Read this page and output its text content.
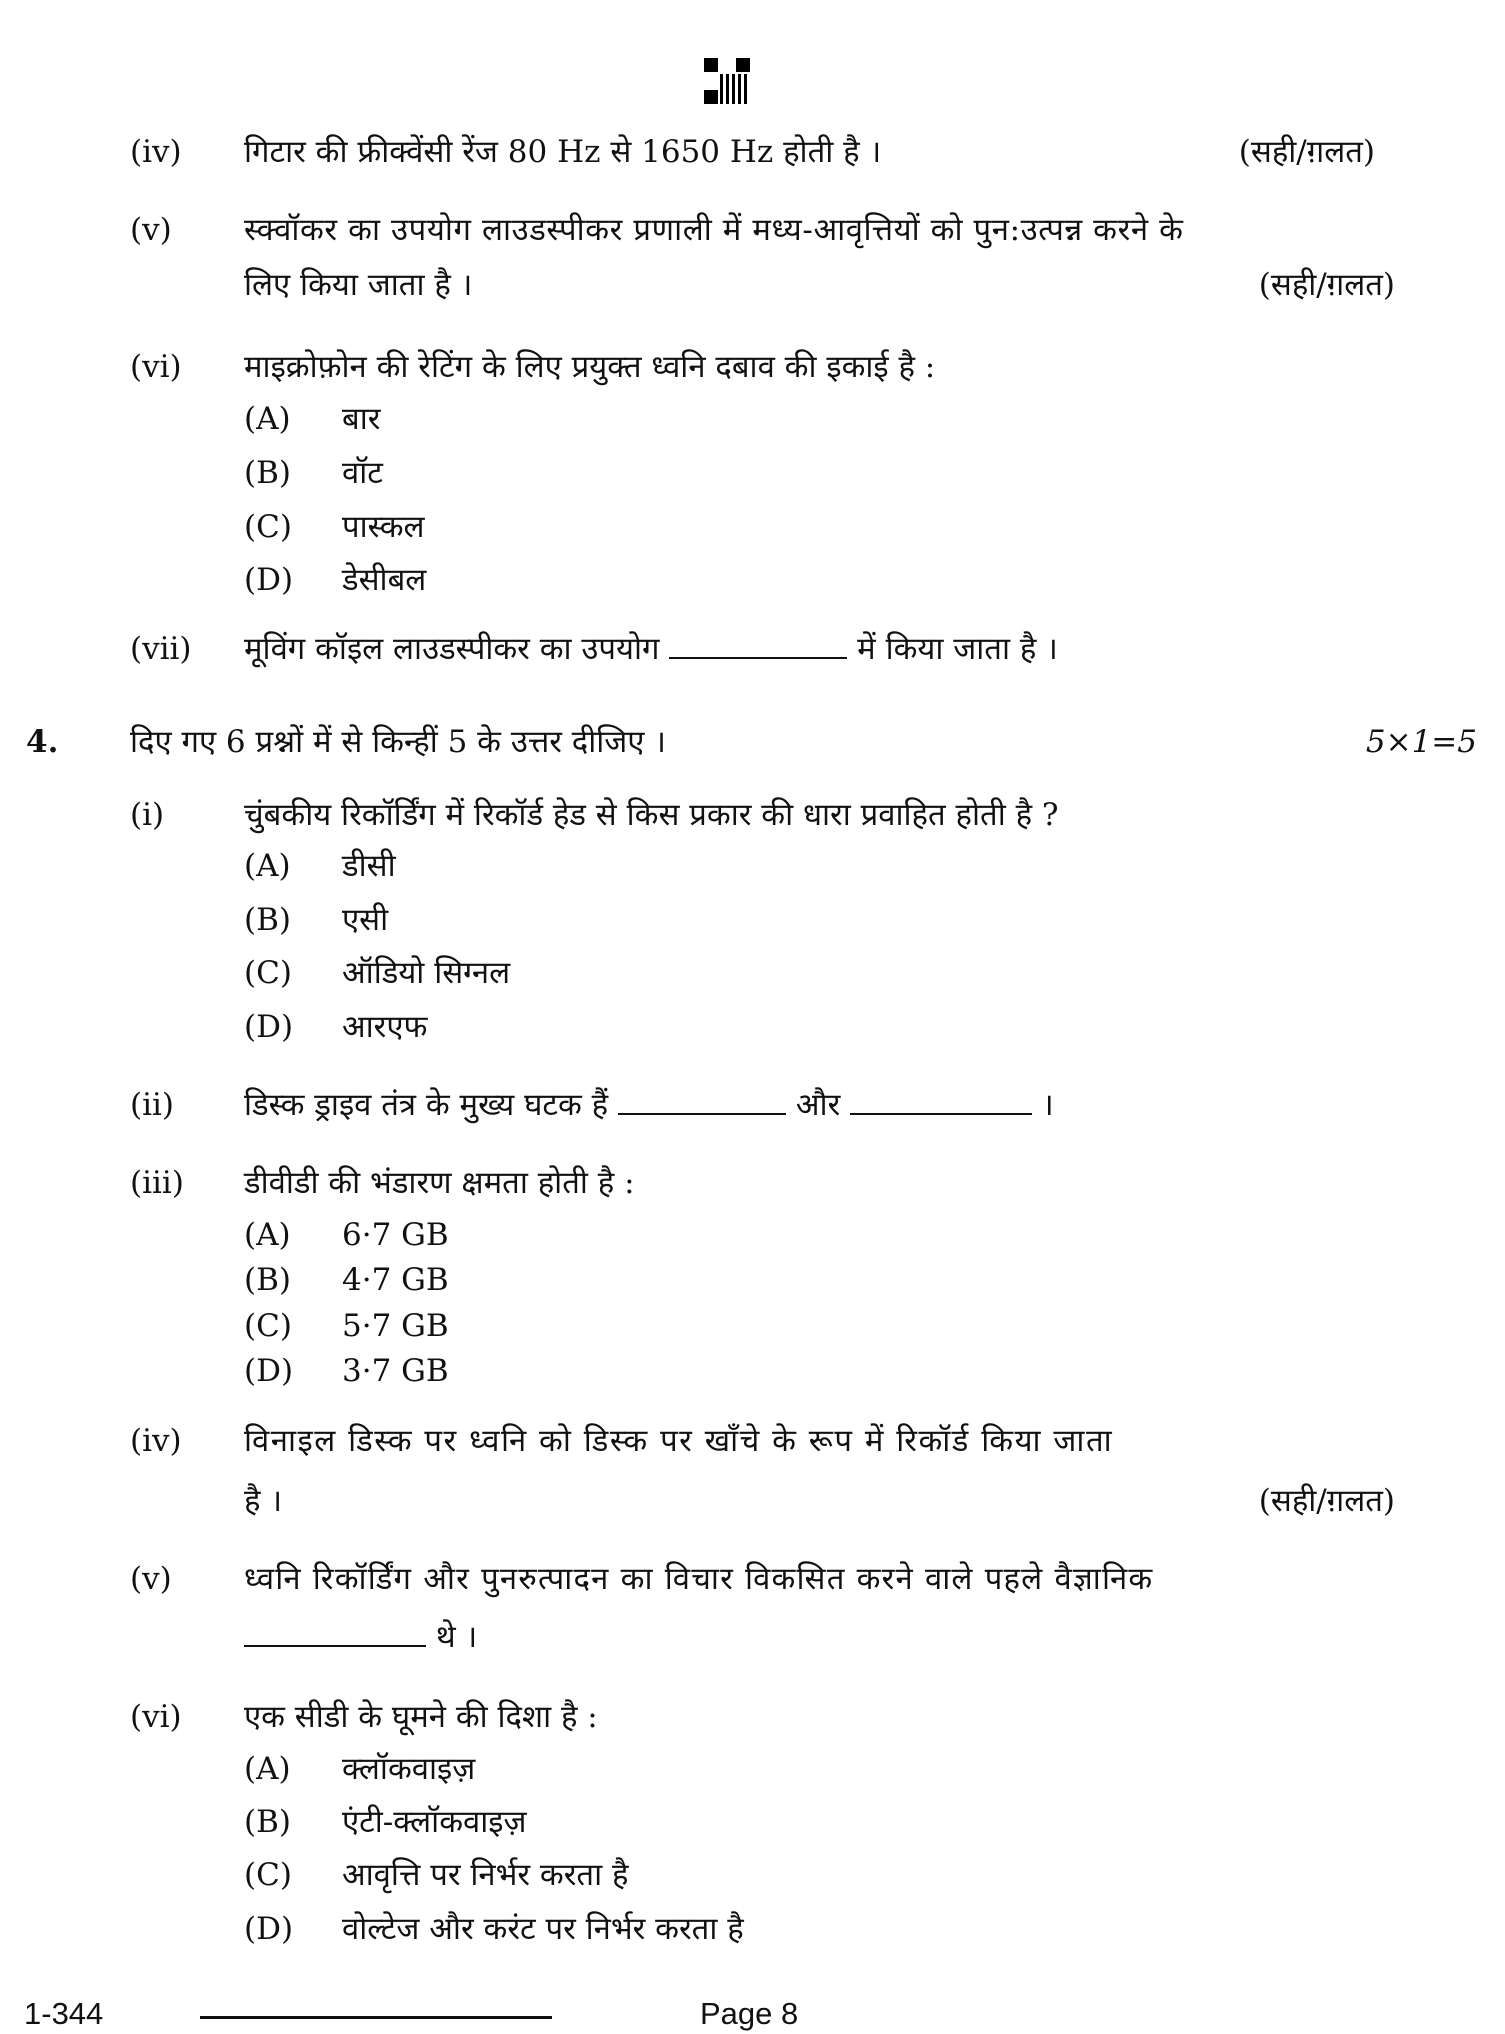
(iv) गिटार की फ्रीक्वेंसी रेंज 80 Hz से 1650 Hz होती है ।	(सही/ग़लत)
(v) स्क्वॉकर का उपयोग लाउडस्पीकर प्रणाली में मध्य-आवृत्तियों को पुन:उत्पन्न करने के
लिए किया जाता है ।	(सही/ग़लत)
(vi) माइक्रोफ़ोन की रेटिंग के लिए प्रयुक्त ध्वनि दबाव की इकाई है :
(A) बार
(B) वॉट
(C) पास्कल
(D) डेसीबल
(vii) मूविंग कॉइल लाउडस्पीकर का उपयोग	में किया जाता है ।
4. दिए गए 6 प्रश्नों में से किन्हीं 5 के उत्तर दीजिए ।	5×1=5
(i)	चुंबकीय रिकॉर्डिंग में रिकॉर्ड हेड से किस प्रकार की धारा प्रवाहित होती है ?
(A) डीसी
(B) एसी
(C) ऑडियो सिग्नल
(D) आरएफ
(ii) डिस्क ड्राइव तंत्र के मुख्य घटक हैं	और	।
(iii) डीवीडी की भंडारण क्षमता होती है :
(A) 6·7 GB
(B) 4·7 GB
(C) 5·7 GB
(D) 3·7 GB
(iv) विनाइल डिस्क पर ध्वनि को डिस्क पर खाँचे के रूप में रिकॉर्ड किया जाता
है ।	(सही/ग़लत)
(v) ध्वनि रिकॉर्डिंग और पुनरुत्पादन का विचार विकसित करने वाले पहले वैज्ञानिक
थे ।
(vi) एक सीडी के घूमने की दिशा है :
(A) क्लॉकवाइज़
(B) एंटी-क्लॉकवाइज़
(C) आवृत्ति पर निर्भर करता है
(D) वोल्टेज और करंट पर निर्भर करता है
1-344	Page 8
